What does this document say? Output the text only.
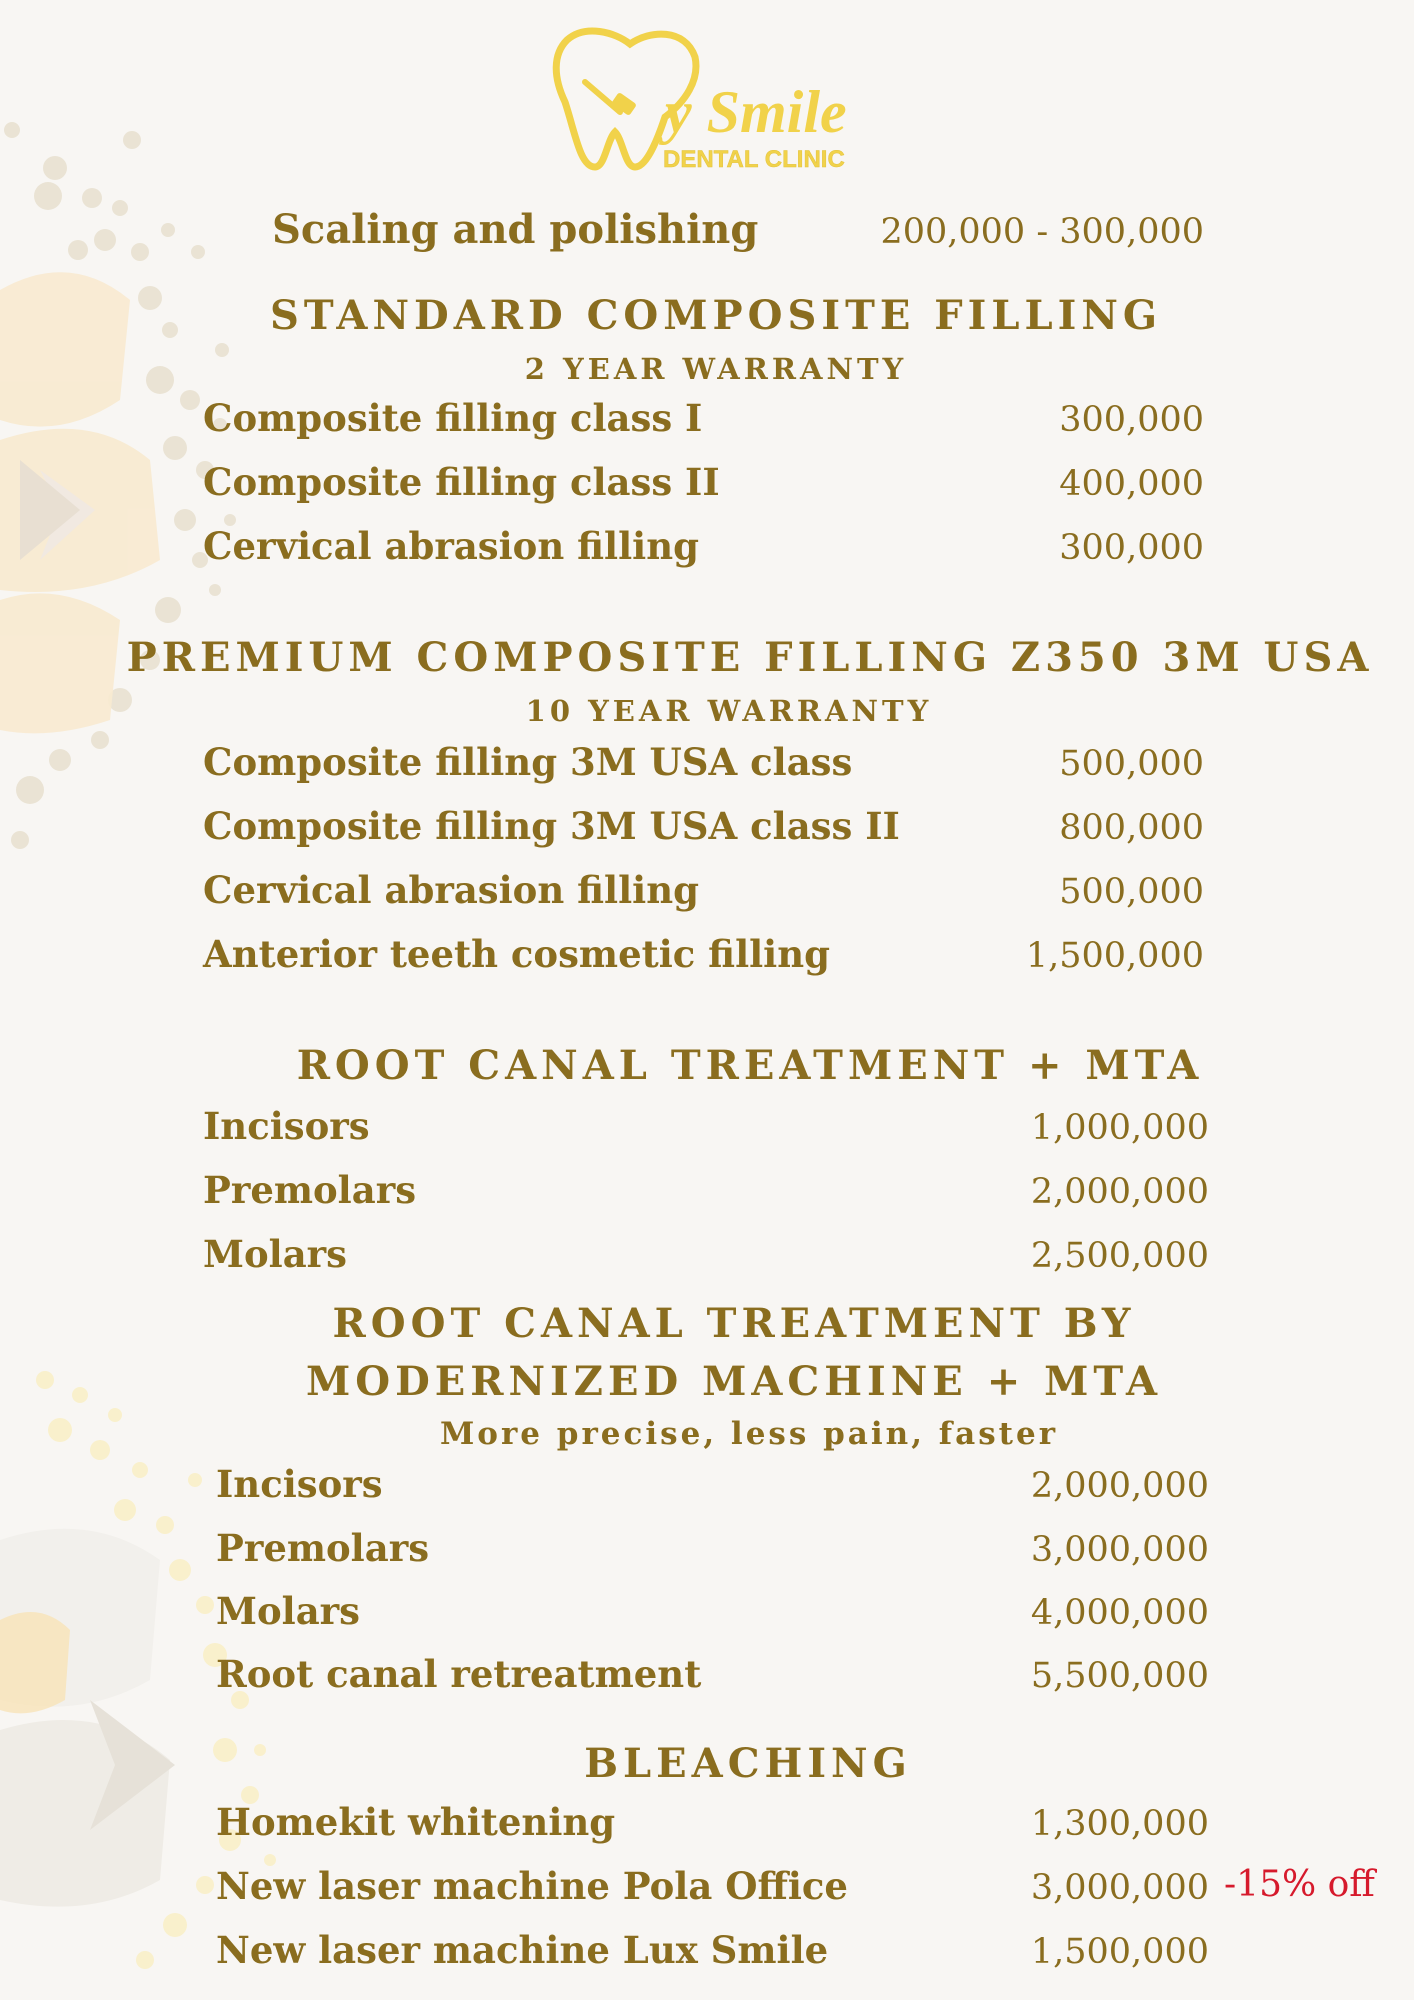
y Smile
DENTAL CLINIC
Scaling and polishing	200,000 - 300,000
STANDARD COMPOSITE FILLING
2 YEAR WARRANTY
Composite filling class I	300,000
Composite filling class II	400,000
Cervical abrasion filling	300,000
PREMIUM COMPOSITE FILLING Z350 3M USA
10 YEAR WARRANTY
Composite filling 3M USA class	500,000
Composite filling 3M USA class II	800,000
Cervical abrasion filling	500,000
Anterior teeth cosmetic filling	1,500,000
ROOT CANAL TREATMENT + MTA
Incisors	1,000,000
Premolars	2,000,000
Molars	2,500,000
ROOT CANAL TREATMENT BY
MODERNIZED MACHINE + MTA
More precise, less pain, faster
Incisors	2,000,000
Premolars	3,000,000
Molars	4,000,000
Root canal retreatment	5,500,000
BLEACHING
Homekit whitening	1,300,000
New laser machine Pola Office	3,000,000 -15% off
New laser machine Lux Smile	1,500,000
